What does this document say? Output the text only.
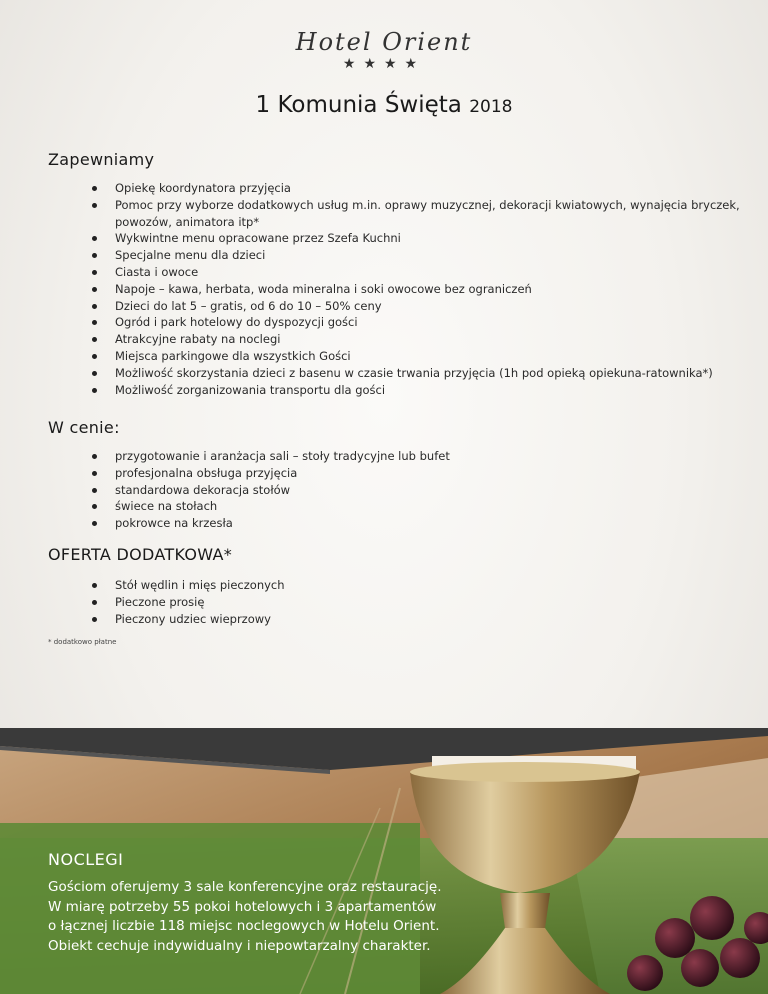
Hotel Orient
★★★★
1 Komunia Święta 2018
Zapewniamy
Opiekę koordynatora przyjęcia
Pomoc przy wyborze dodatkowych usług m.in. oprawy muzycznej, dekoracji kwiatowych, wynajęcia bryczek, powozów, animatora itp*
Wykwintne menu opracowane przez Szefa Kuchni
Specjalne menu dla dzieci
Ciasta i owoce
Napoje – kawa, herbata, woda mineralna i soki owocowe bez ograniczeń
Dzieci do lat 5 – gratis, od 6 do 10 – 50% ceny
Ogród i park hotelowy do dyspozycji gości
Atrakcyjne rabaty na noclegi
Miejsca parkingowe dla wszystkich Gości
Możliwość skorzystania dzieci z basenu w czasie trwania przyjęcia (1h pod opieką opiekuna-ratownika*)
Możliwość zorganizowania transportu dla gości
W cenie:
przygotowanie i aranżacja sali – stoły tradycyjne lub bufet
profesjonalna obsługa przyjęcia
standardowa dekoracja stołów
świece na stołach
pokrowce na krzesła
OFERTA DODATKOWA*
Stół wędlin i mięs pieczonych
Pieczone prosię
Pieczony udziec wieprzowy
* dodatkowo płatne
NOCLEGI
Gościom oferujemy 3 sale konferencyjne oraz restaurację.
W miarę potrzeby 55 pokoi hotelowych i 3 apartamentów
o łącznej liczbie 118 miejsc noclegowych w Hotelu Orient.
Obiekt cechuje indywidualny i niepowtarzalny charakter.
